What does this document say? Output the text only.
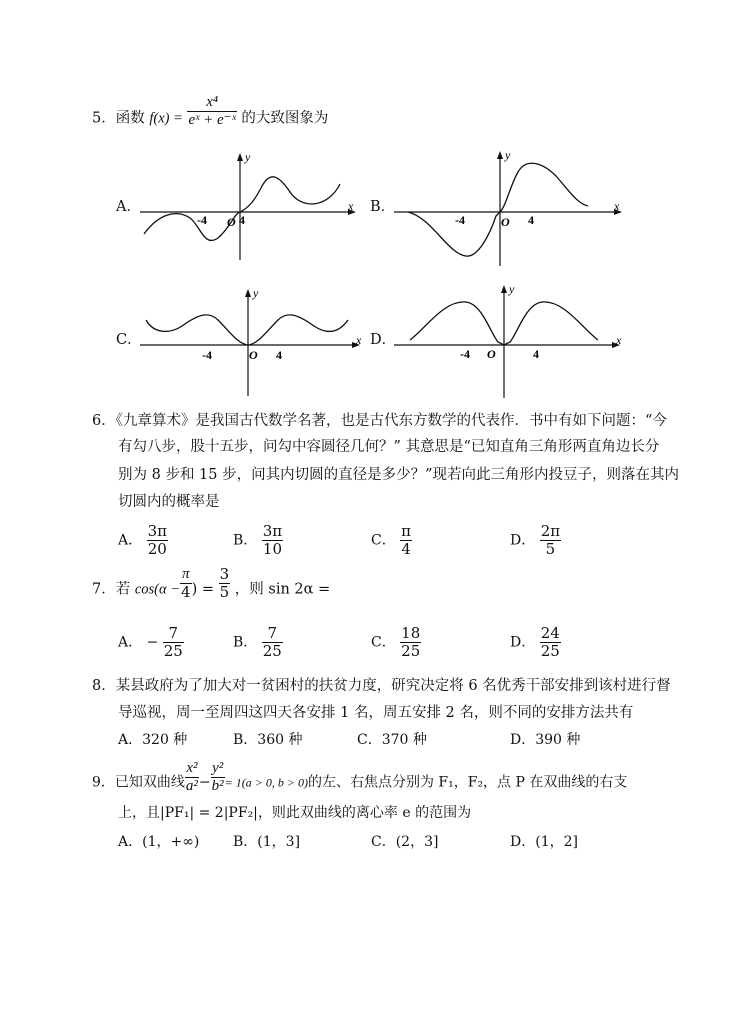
5．函数 $f(x) = \frac{\text{x⁴}}{\text{eˣ + e⁻ˣ}}$ 的大致图象为
A．	x
y
O
-4	4
B．	x
y
O
-4	4
C．	x
y
O
-4	4
D．	x
y
O
-4	4
6．《九章算术》是我国古代数学名著，也是古代东方数学的代表作．书中有如下问题：“今
有勾八步，股十五步，问勾中容圆径几何？” 其意思是“已知直角三角形两直角边长分
别为 8 步和 15 步，问其内切圆的直径是多少？”现若向此三角形内投豆子，则落在其内
切圆内的概率是
A． $\frac{3\pi}{20}$	B． $\frac{3\pi}{10}$	C． $\frac{\pi}{4}$	D． $\frac{2\pi}{5}$
7．若 $\cos(\alpha - \frac{\pi}{4}$ ) = $\frac{3}{5}$ ，则 sin 2α =
A． − $\frac{7}{25}$	B． $\frac{7}{25}$	C． $\frac{18}{25}$	D． $\frac{24}{25}$
8．某县政府为了加大对一贫困村的扶贫力度，研究决定将 6 名优秀干部安排到该村进行督
导巡视，周一至周四这四天各安排 1 名，周五安排 2 名，则不同的安排方法共有
A．320 种	B．360 种	C．370 种	D．390 种
9．已知双曲线 $\frac{\text{x²}}{\text{a²}} - \frac{\text{y²}}{\text{b²}} = 1(a > 0$, b > 0)的左、右焦点分别为 F₁，F₂，点 P 在双曲线的右支
上，且|PF₁| = 2|PF₂|，则此双曲线的离心率 e 的范围为
A．(1，+∞) B．(1，3]	C．(2，3]	D．(1，2]
